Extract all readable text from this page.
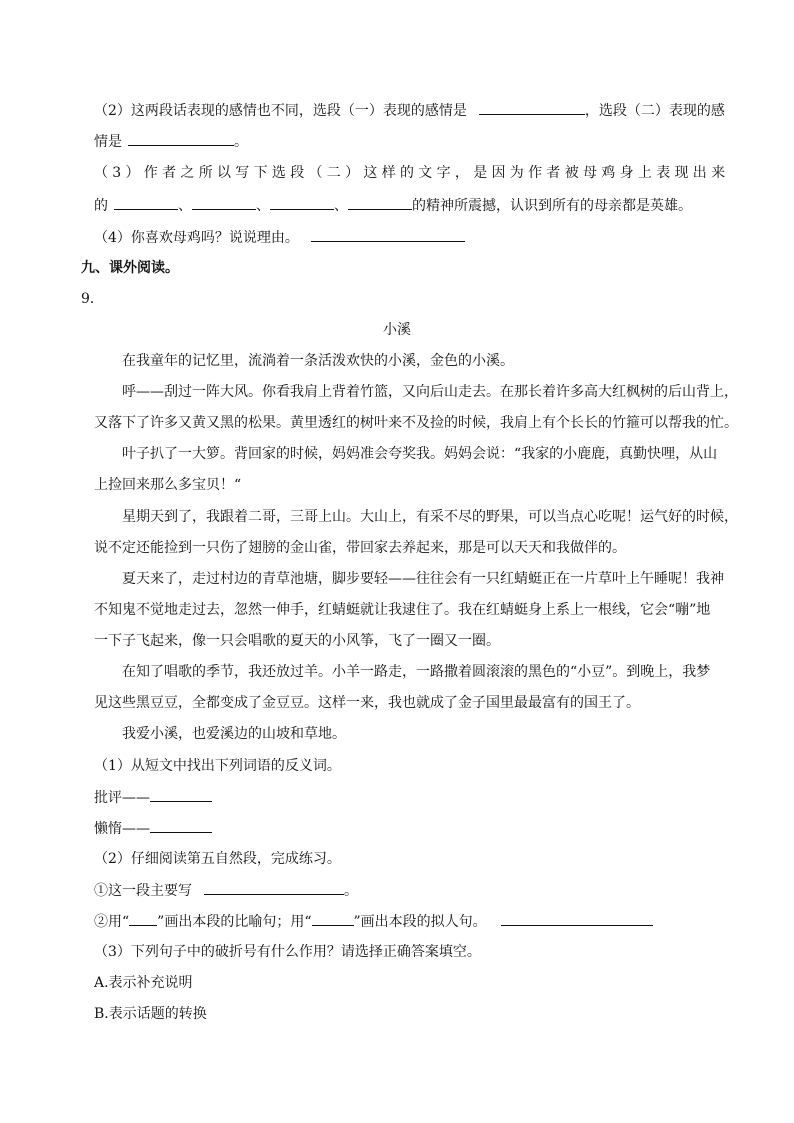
（2）这两段话表现的感情也不同，选段（一）表现的感情是	，选段（二）表现的感
情是	。
（3）作者之所以写下选段（二）这样的文字，是因为作者被母鸡身上表现出来
的	、	、	、	的精神所震撼，认识到所有的母亲都是英雄。
（4）你喜欢母鸡吗？说说理由。
九、课外阅读。
9．
小溪
在我童年的记忆里，流淌着一条活泼欢快的小溪，金色的小溪。
呼——刮过一阵大风。你看我肩上背着竹篮，又向后山走去。在那长着许多高大红枫树的后山背上，
又落下了许多又黄又黑的松果。黄里透红的树叶来不及捡的时候，我肩上有个长长的竹箍可以帮我的忙。
叶子扒了一大箩。背回家的时候，妈妈准会夸奖我。妈妈会说：“我家的小鹿鹿，真勤快哩，从山
上捡回来那么多宝贝！“
星期天到了，我跟着二哥，三哥上山。大山上，有采不尽的野果，可以当点心吃呢！运气好的时候，
说不定还能捡到一只伤了翅膀的金山雀，带回家去养起来，那是可以天天和我做伴的。
夏天来了，走过村边的青草池塘，脚步要轻——往往会有一只红蜻蜓正在一片草叶上午睡呢！我神
不知鬼不觉地走过去，忽然一伸手，红蜻蜓就让我逮住了。我在红蜻蜓身上系上一根线，它会“嘣”地
一下子飞起来，像一只会唱歌的夏天的小风筝，飞了一圈又一圈。
在知了唱歌的季节，我还放过羊。小羊一路走，一路撒着圆滚滚的黑色的“小豆”。到晚上，我梦
见这些黑豆豆，全都变成了金豆豆。这样一来，我也就成了金子国里最最富有的国王了。
我爱小溪，也爱溪边的山坡和草地。
（1）从短文中找出下列词语的反义词。
批评——
懒惰——
（2）仔细阅读第五自然段，完成练习。
①这一段主要写	。
②用“ ”画出本段的比喻句；用“	”画出本段的拟人句。
（3）下列句子中的破折号有什么作用？请选择正确答案填空。
A.表示补充说明
B.表示话题的转换
